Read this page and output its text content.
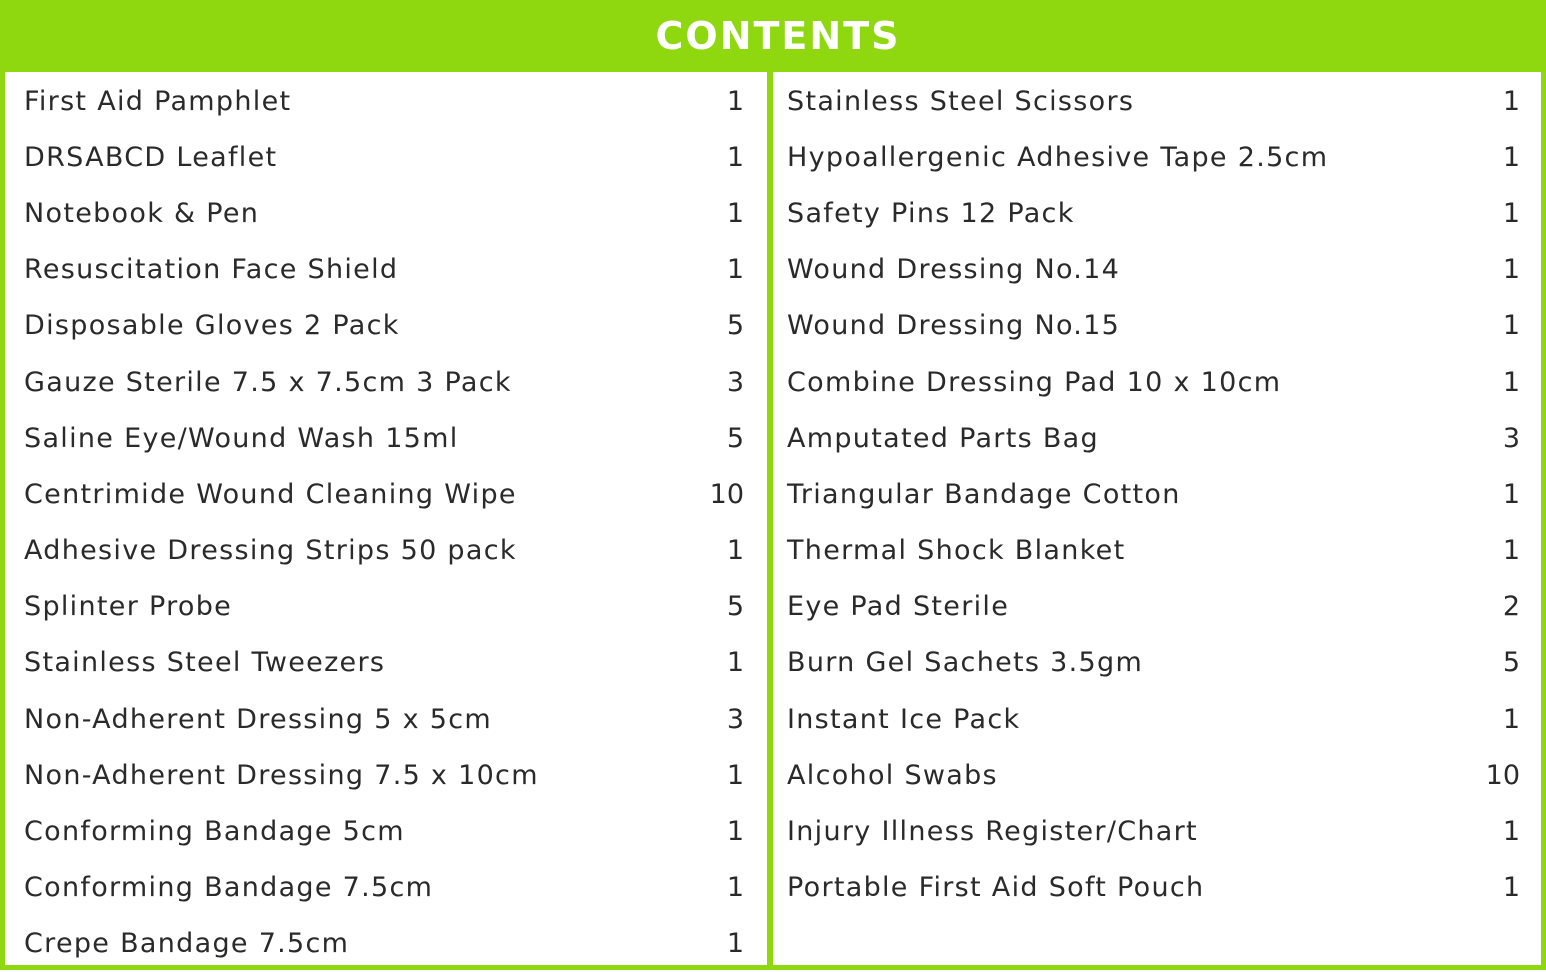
CONTENTS
First Aid Pamphlet	1
DRSABCD Leaflet	1
Notebook & Pen	1
Resuscitation Face Shield	1
Disposable Gloves 2 Pack	5
Gauze Sterile 7.5 x 7.5cm 3 Pack	3
Saline Eye/Wound Wash 15ml	5
Centrimide Wound Cleaning Wipe	10
Adhesive Dressing Strips 50 pack	1
Splinter Probe	5
Stainless Steel Tweezers	1
Non-Adherent Dressing 5 x 5cm	3
Non-Adherent Dressing 7.5 x 10cm	1
Conforming Bandage 5cm	1
Conforming Bandage 7.5cm	1
Crepe Bandage 7.5cm	1
Stainless Steel Scissors	1
Hypoallergenic Adhesive Tape 2.5cm	1
Safety Pins 12 Pack	1
Wound Dressing No.14	1
Wound Dressing No.15	1
Combine Dressing Pad 10 x 10cm	1
Amputated Parts Bag	3
Triangular Bandage Cotton	1
Thermal Shock Blanket	1
Eye Pad Sterile	2
Burn Gel Sachets 3.5gm	5
Instant Ice Pack	1
Alcohol Swabs	10
Injury Illness Register/Chart	1
Portable First Aid Soft Pouch	1
